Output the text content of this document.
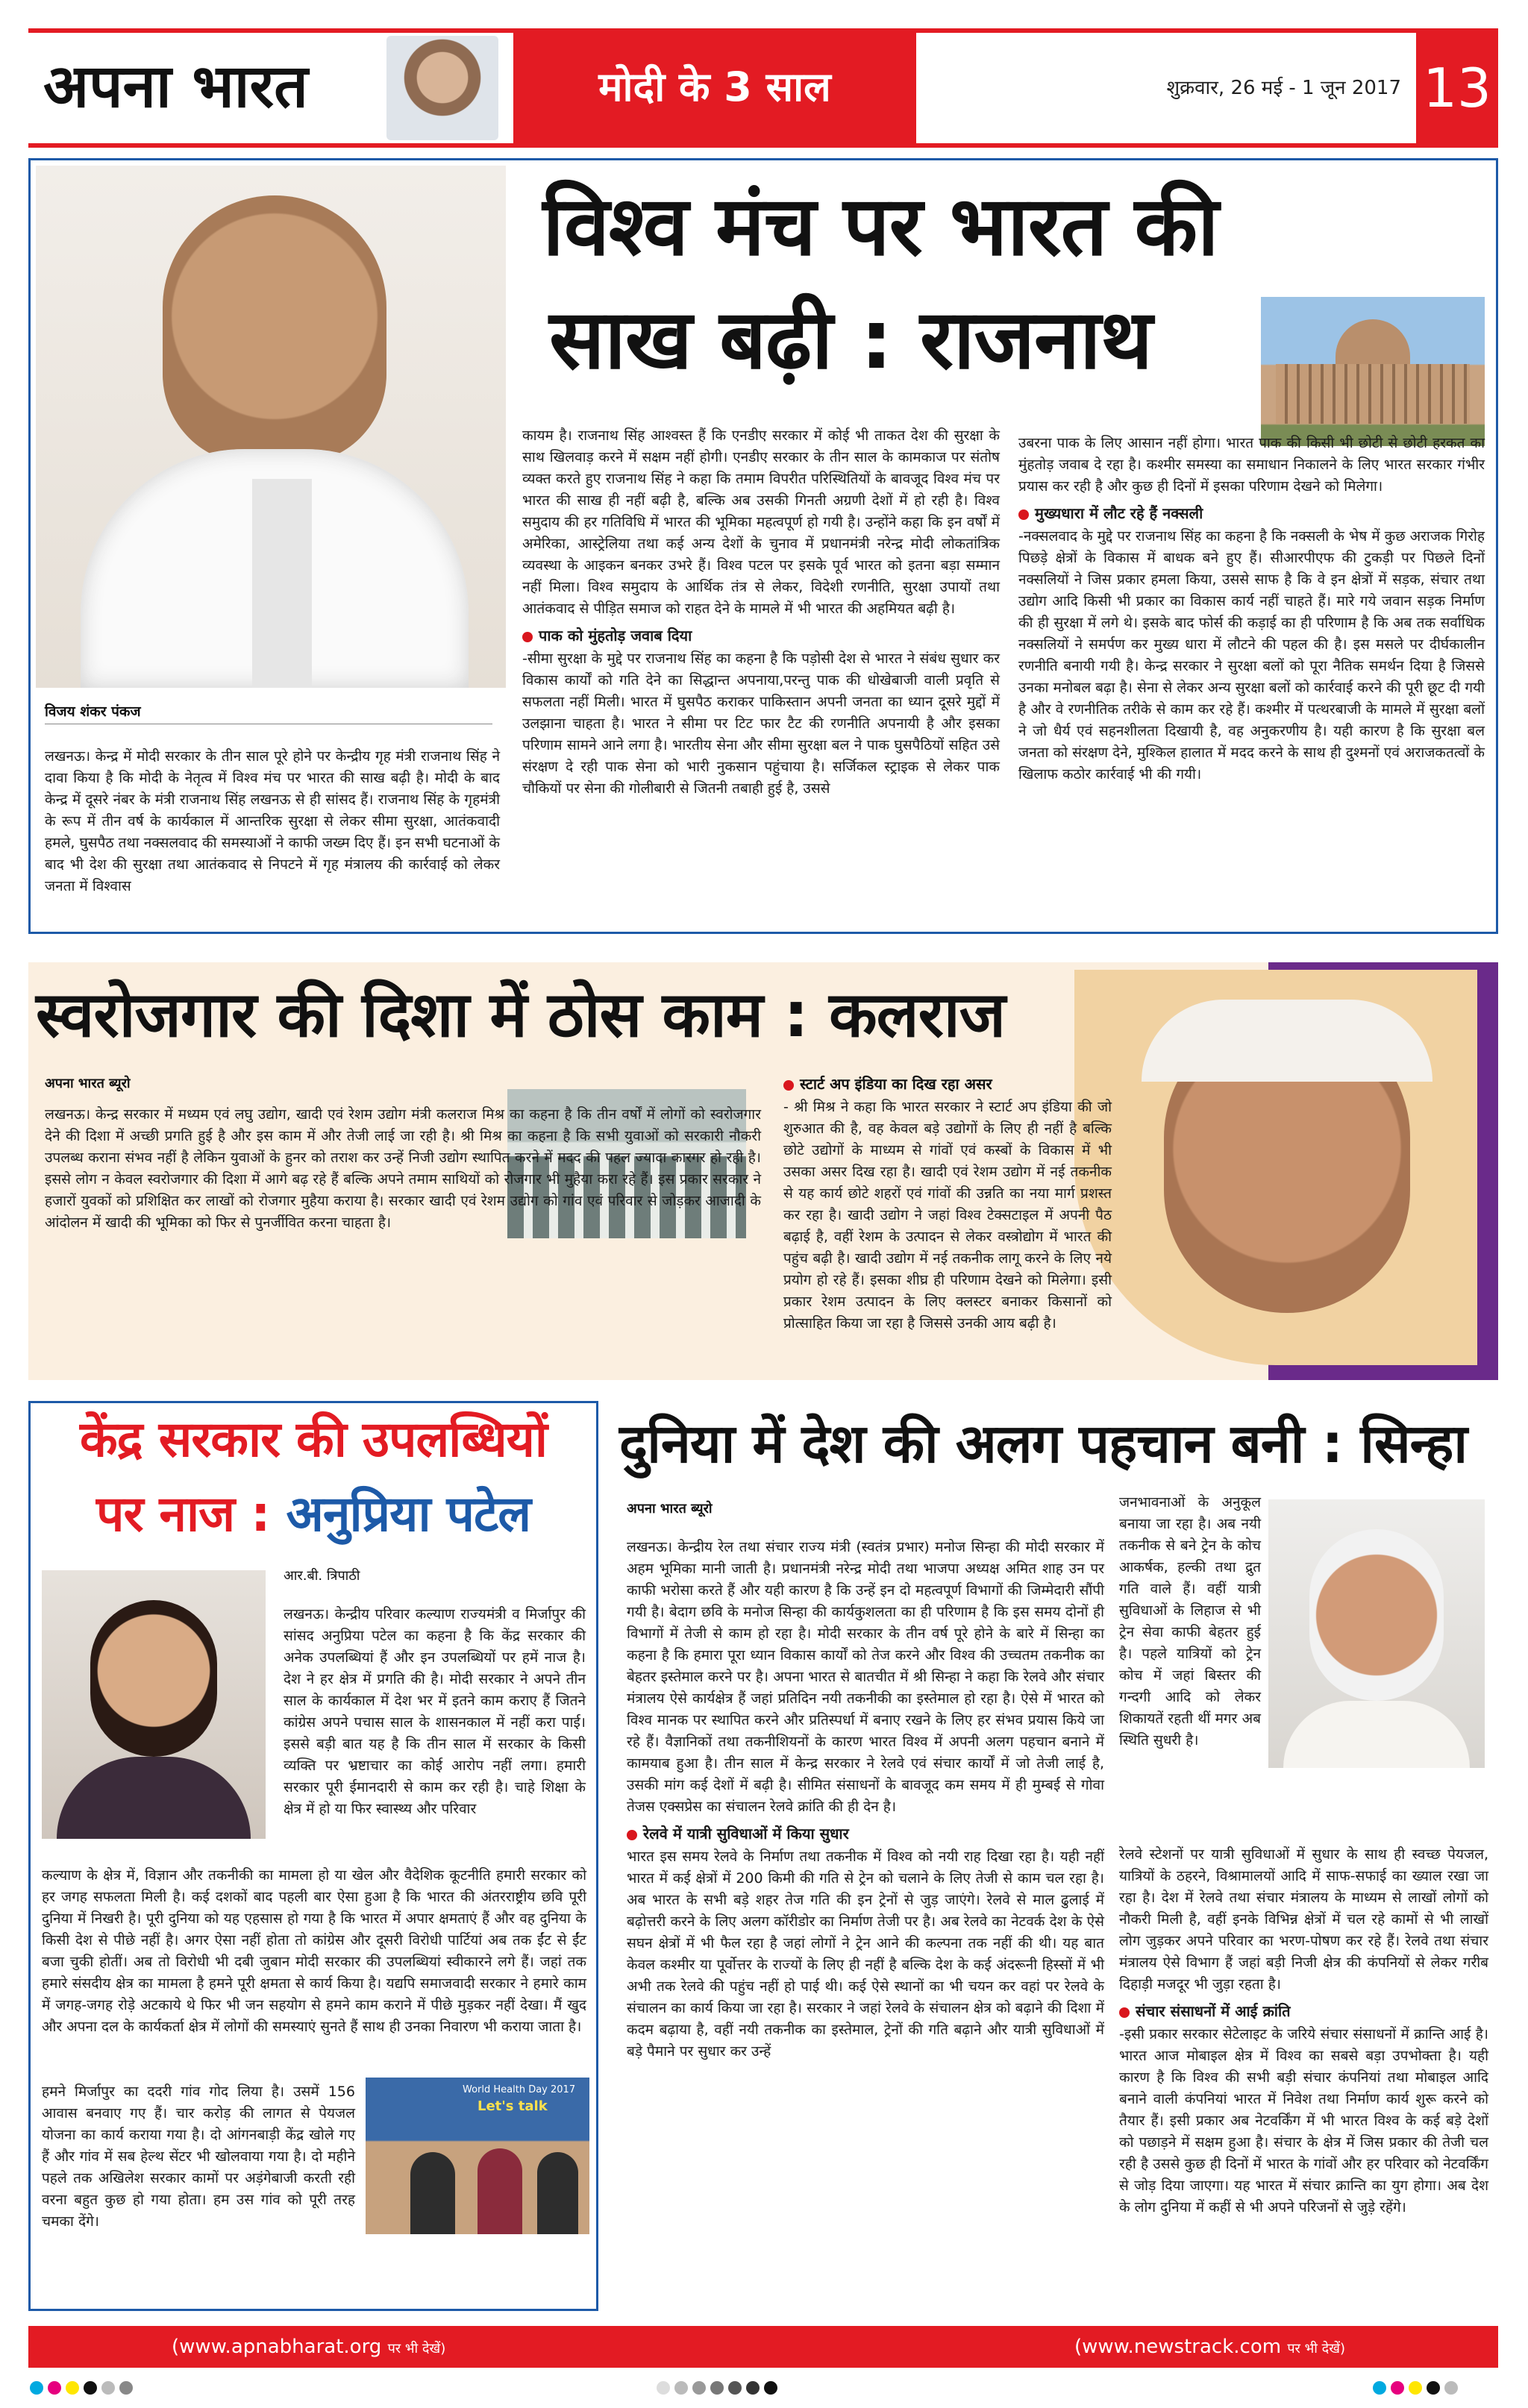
अपना भारत	मोदी के 3 साल	शुक्रवार, 26 मई - 1 जून 2017 13
विश्व मंच पर भारत की
साख बढ़ी : राजनाथ
विजय शंकर पंकज

लखनऊ। केन्द्र में मोदी सरकार के तीन साल पूरे होने पर केन्द्रीय गृह मंत्री राजनाथ सिंह ने दावा किया है कि मोदी के नेतृत्व में विश्व मंच पर भारत की साख बढ़ी है। मोदी के बाद केन्द्र में दूसरे नंबर के मंत्री राजनाथ सिंह लखनऊ से ही सांसद हैं। राजनाथ सिंह के गृहमंत्री के रूप में तीन वर्ष के कार्यकाल में आन्तरिक सुरक्षा से लेकर सीमा सुरक्षा, आतंकवादी हमले, घुसपैठ तथा नक्सलवाद की समस्याओं ने काफी जख्म दिए हैं। इन सभी घटनाओं के बाद भी देश की सुरक्षा तथा आतंकवाद से निपटने में गृह मंत्रालय की कार्रवाई को लेकर जनता में विश्वास

कायम है। राजनाथ सिंह आश्वस्त हैं कि एनडीए सरकार में कोई भी ताकत देश की सुरक्षा के साथ खिलवाड़ करने में सक्षम नहीं होगी। एनडीए सरकार के तीन साल के कामकाज पर संतोष व्यक्त करते हुए राजनाथ सिंह ने कहा कि तमाम विपरीत परिस्थितियों के बावजूद विश्व मंच पर भारत की साख ही नहीं बढ़ी है, बल्कि अब उसकी गिनती अग्रणी देशों में हो रही है। विश्व समुदाय की हर गतिविधि में भारत की भूमिका महत्वपूर्ण हो गयी है। उन्होंने कहा कि इन वर्षों में अमेरिका, आस्ट्रेलिया तथा कई अन्य देशों के चुनाव में प्रधानमंत्री नरेन्द्र मोदी लोकतांत्रिक व्यवस्था के आइकन बनकर उभरे हैं। विश्व पटल पर इसके पूर्व भारत को इतना बड़ा सम्मान नहीं मिला। विश्व समुदाय के आर्थिक तंत्र से लेकर, विदेशी रणनीति, सुरक्षा उपायों तथा आतंकवाद से पीड़ित समाज को राहत देने के मामले में भी भारत की अहमियत बढ़ी है।

पाक को मुंहतोड़ जवाब दिया

-सीमा सुरक्षा के मुद्दे पर राजनाथ सिंह का कहना है कि पड़ोसी देश से भारत ने संबंध सुधार कर विकास कार्यों को गति देने का सिद्धान्त अपनाया,परन्तु पाक की धोखेबाजी वाली प्रवृति से सफलता नहीं मिली। भारत में घुसपैठ कराकर पाकिस्तान अपनी जनता का ध्यान दूसरे मुद्दों में उलझाना चाहता है। भारत ने सीमा पर टिट फार टैट की रणनीति अपनायी है और इसका परिणाम सामने आने लगा है। भारतीय सेना और सीमा सुरक्षा बल ने पाक घुसपैठियों सहित उसे संरक्षण दे रही पाक सेना को भारी नुकसान पहुंचाया है। सर्जिकल स्ट्राइक से लेकर पाक चौकियों पर सेना की गोलीबारी से जितनी तबाही हुई है, उससे

उबरना पाक के लिए आसान नहीं होगा। भारत पाक की किसी भी छोटी से छोटी हरकत का मुंहतोड़ जवाब दे रहा है। कश्मीर समस्या का समाधान निकालने के लिए भारत सरकार गंभीर प्रयास कर रही है और कुछ ही दिनों में इसका परिणाम देखने को मिलेगा।

मुख्यधारा में लौट रहे हैं नक्सली

-नक्सलवाद के मुद्दे पर राजनाथ सिंह का कहना है कि नक्सली के भेष में कुछ अराजक गिरोह पिछड़े क्षेत्रों के विकास में बाधक बने हुए हैं। सीआरपीएफ की टुकड़ी पर पिछले दिनों नक्सलियों ने जिस प्रकार हमला किया, उससे साफ है कि वे इन क्षेत्रों में सड़क, संचार तथा उद्योग आदि किसी भी प्रकार का विकास कार्य नहीं चाहते हैं। मारे गये जवान सड़क निर्माण की ही सुरक्षा में लगे थे। इसके बाद फोर्स की कड़ाई का ही परिणाम है कि अब तक सर्वाधिक नक्सलियों ने समर्पण कर मुख्य धारा में लौटने की पहल की है। इस मसले पर दीर्घकालीन रणनीति बनायी गयी है। केन्द्र सरकार ने सुरक्षा बलों को पूरा नैतिक समर्थन दिया है जिससे उनका मनोबल बढ़ा है। सेना से लेकर अन्य सुरक्षा बलों को कार्रवाई करने की पूरी छूट दी गयी है और वे रणनीतिक तरीके से काम कर रहे हैं। कश्मीर में पत्थरबाजी के मामले में सुरक्षा बलों ने जो धैर्य एवं सहनशीलता दिखायी है, वह अनुकरणीय है। यही कारण है कि सुरक्षा बल जनता को संरक्षण देने, मुश्किल हालात में मदद करने के साथ ही दुश्मनों एवं अराजकतत्वों के खिलाफ कठोर कार्रवाई भी की गयी।

स्वरोजगार की दिशा में ठोस काम : कलराज
अपना भारत ब्यूरो

लखनऊ। केन्द्र सरकार में मध्यम एवं लघु उद्योग, खादी एवं रेशम उद्योग मंत्री कलराज मिश्र का कहना है कि तीन वर्षों में लोगों को स्वरोजगार देने की दिशा में अच्छी प्रगति हुई है और इस काम में और तेजी लाई जा रही है। श्री मिश्र का कहना है कि सभी युवाओं को सरकारी नौकरी उपलब्ध कराना संभव नहीं है लेकिन युवाओं के हुनर को तराश कर उन्हें निजी उद्योग स्थापित करने में मदद की पहल ज्यादा कारगर हो रही है। इससे लोग न केवल स्वरोजगार की दिशा में आगे बढ़ रहे हैं बल्कि अपने तमाम साथियों को रोजगार भी मुहैया करा रहे हैं। इस प्रकार सरकार ने हजारों युवकों को प्रशिक्षित कर लाखों को रोजगार मुहैया कराया है। सरकार खादी एवं रेशम उद्योग को गांव एवं परिवार से जोड़कर आजादी के आंदोलन में खादी की भूमिका को फिर से पुनर्जीवित करना चाहता है।

स्टार्ट अप इंडिया का दिख रहा असर

- श्री मिश्र ने कहा कि भारत सरकार ने स्टार्ट अप इंडिया की जो शुरुआत की है, वह केवल बड़े उद्योगों के लिए ही नहीं है बल्कि छोटे उद्योगों के माध्यम से गांवों एवं कस्बों के विकास में भी उसका असर दिख रहा है। खादी एवं रेशम उद्योग में नई तकनीक से यह कार्य छोटे शहरों एवं गांवों की उन्नति का नया मार्ग प्रशस्त कर रहा है। खादी उद्योग ने जहां विश्व टेक्सटाइल में अपनी पैठ बढ़ाई है, वहीं रेशम के उत्पादन से लेकर वस्त्रोद्योग में भारत की पहुंच बढ़ी है। खादी उद्योग में नई तकनीक लागू करने के लिए नये प्रयोग हो रहे हैं। इसका शीघ्र ही परिणाम देखने को मिलेगा। इसी प्रकार रेशम उत्पादन के लिए क्लस्टर बनाकर किसानों को प्रोत्साहित किया जा रहा है जिससे उनकी आय बढ़ी है।

केंद्र सरकार की उपलब्धियों
पर नाज : अनुप्रिया पटेल
आर.बी. त्रिपाठी

लखनऊ। केन्द्रीय परिवार कल्याण राज्यमंत्री व मिर्जापुर की सांसद अनुप्रिया पटेल का कहना है कि केंद्र सरकार की अनेक उपलब्धियां हैं और इन उपलब्धियों पर हमें नाज है। देश ने हर क्षेत्र में प्रगति की है। मोदी सरकार ने अपने तीन साल के कार्यकाल में देश भर में इतने काम कराए हैं जितने कांग्रेस अपने पचास साल के शासनकाल में नहीं करा पाई। इससे बड़ी बात यह है कि तीन साल में सरकार के किसी व्यक्ति पर भ्रष्टाचार का कोई आरोप नहीं लगा। हमारी सरकार पूरी ईमानदारी से काम कर रही है। चाहे शिक्षा के क्षेत्र में हो या फिर स्वास्थ्य और परिवार

कल्याण के क्षेत्र में, विज्ञान और तकनीकी का मामला हो या खेल और वैदेशिक कूटनीति हमारी सरकार को हर जगह सफलता मिली है। कई दशकों बाद पहली बार ऐसा हुआ है कि भारत की अंतरराष्ट्रीय छवि पूरी दुनिया में निखरी है। पूरी दुनिया को यह एहसास हो गया है कि भारत में अपार क्षमताएं हैं और वह दुनिया के किसी देश से पीछे नहीं है। अगर ऐसा नहीं होता तो कांग्रेस और दूसरी विरोधी पार्टियां अब तक ईंट से ईंट बजा चुकी होतीं। अब तो विरोधी भी दबी जुबान मोदी सरकार की उपलब्धियां स्वीकारने लगे हैं। जहां तक हमारे संसदीय क्षेत्र का मामला है हमने पूरी क्षमता से कार्य किया है। यद्यपि समाजवादी सरकार ने हमारे काम में जगह-जगह रोड़े अटकाये थे फिर भी जन सहयोग से हमने काम कराने में पीछे मुड़कर नहीं देखा। मैं खुद और अपना दल के कार्यकर्ता क्षेत्र में लोगों की समस्याएं सुनते हैं साथ ही उनका निवारण भी कराया जाता है।

हमने मिर्जापुर का ददरी गांव गोद लिया है। उसमें 156 आवास बनवाए गए हैं। चार करोड़ की लागत से पेयजल योजना का कार्य कराया गया है। दो आंगनबाड़ी केंद्र खोले गए हैं और गांव में सब हेल्थ सेंटर भी खोलवाया गया है। दो महीने पहले तक अखिलेश सरकार कामों पर अड़ंगेबाजी करती रही वरना बहुत कुछ हो गया होता। हम उस गांव को पूरी तरह चमका देंगे।

World Health Day 2017
Let's talk
दुनिया में देश की अलग पहचान बनी : सिन्हा
अपना भारत ब्यूरो

लखनऊ। केन्द्रीय रेल तथा संचार राज्य मंत्री (स्वतंत्र प्रभार) मनोज सिन्हा की मोदी सरकार में अहम भूमिका मानी जाती है। प्रधानमंत्री नरेन्द्र मोदी तथा भाजपा अध्यक्ष अमित शाह उन पर काफी भरोसा करते हैं और यही कारण है कि उन्हें इन दो महत्वपूर्ण विभागों की जिम्मेदारी सौंपी गयी है। बेदाग छवि के मनोज सिन्हा की कार्यकुशलता का ही परिणाम है कि इस समय दोनों ही विभागों में तेजी से काम हो रहा है। मोदी सरकार के तीन वर्ष पूरे होने के बारे में सिन्हा का कहना है कि हमारा पूरा ध्यान विकास कार्यों को तेज करने और विश्व की उच्चतम तकनीक का बेहतर इस्तेमाल करने पर है। अपना भारत से बातचीत में श्री सिन्हा ने कहा कि रेलवे और संचार मंत्रालय ऐसे कार्यक्षेत्र हैं जहां प्रतिदिन नयी तकनीकी का इस्तेमाल हो रहा है। ऐसे में भारत को विश्व मानक पर स्थापित करने और प्रतिस्पर्धा में बनाए रखने के लिए हर संभव प्रयास किये जा रहे हैं। वैज्ञानिकों तथा तकनीशियनों के कारण भारत विश्व में अपनी अलग पहचान बनाने में कामयाब हुआ है। तीन साल में केन्द्र सरकार ने रेलवे एवं संचार कार्यों में जो तेजी लाई है, उसकी मांग कई देशों में बढ़ी है। सीमित संसाधनों के बावजूद कम समय में ही मुम्बई से गोवा तेजस एक्सप्रेस का संचालन रेलवे क्रांति की ही देन है।

रेलवे में यात्री सुविधाओं में किया सुधार

भारत इस समय रेलवे के निर्माण तथा तकनीक में विश्व को नयी राह दिखा रहा है। यही नहीं भारत में कई क्षेत्रों में 200 किमी की गति से ट्रेन को चलाने के लिए तेजी से काम चल रहा है। अब भारत के सभी बड़े शहर तेज गति की इन ट्रेनों से जुड़ जाएंगे। रेलवे से माल ढुलाई में बढ़ोत्तरी करने के लिए अलग कॉरीडोर का निर्माण तेजी पर है। अब रेलवे का नेटवर्क देश के ऐसे सघन क्षेत्रों में भी फैल रहा है जहां लोगों ने ट्रेन आने की कल्पना तक नहीं की थी। यह बात केवल कश्मीर या पूर्वोत्तर के राज्यों के लिए ही नहीं है बल्कि देश के कई अंदरूनी हिस्सों में भी अभी तक रेलवे की पहुंच नहीं हो पाई थी। कई ऐसे स्थानों का भी चयन कर वहां पर रेलवे के संचालन का कार्य किया जा रहा है। सरकार ने जहां रेलवे के संचालन क्षेत्र को बढ़ाने की दिशा में कदम बढ़ाया है, वहीं नयी तकनीक का इस्तेमाल, ट्रेनों की गति बढ़ाने और यात्री सुविधाओं में बड़े पैमाने पर सुधार कर उन्हें

जनभावनाओं के अनुकूल बनाया जा रहा है। अब नयी तकनीक से बने ट्रेन के कोच आकर्षक, हल्की तथा द्रुत गति वाले हैं। वहीं यात्री सुविधाओं के लिहाज से भी ट्रेन सेवा काफी बेहतर हुई है। पहले यात्रियों को ट्रेन कोच में जहां बिस्तर की गन्दगी आदि को लेकर शिकायतें रहती थीं मगर अब स्थिति सुधरी है।

रेलवे स्टेशनों पर यात्री सुविधाओं में सुधार के साथ ही स्वच्छ पेयजल, यात्रियों के ठहरने, विश्रामालयों आदि में साफ-सफाई का ख्याल रखा जा रहा है। देश में रेलवे तथा संचार मंत्रालय के माध्यम से लाखों लोगों को नौकरी मिली है, वहीं इनके विभिन्न क्षेत्रों में चल रहे कामों से भी लाखों लोग जुड़कर अपने परिवार का भरण-पोषण कर रहे हैं। रेलवे तथा संचार मंत्रालय ऐसे विभाग हैं जहां बड़ी निजी क्षेत्र की कंपनियों से लेकर गरीब दिहाड़ी मजदूर भी जुड़ा रहता है।

संचार संसाधनों में आई क्रांति

-इसी प्रकार सरकार सेटेलाइट के जरिये संचार संसाधनों में क्रान्ति आई है। भारत आज मोबाइल क्षेत्र में विश्व का सबसे बड़ा उपभोक्ता है। यही कारण है कि विश्व की सभी बड़ी संचार कंपनियां तथा मोबाइल आदि बनाने वाली कंपनियां भारत में निवेश तथा निर्माण कार्य शुरू करने को तैयार हैं। इसी प्रकार अब नेटवर्किंग में भी भारत विश्व के कई बड़े देशों को पछाड़ने में सक्षम हुआ है। संचार के क्षेत्र में जिस प्रकार की तेजी चल रही है उससे कुछ ही दिनों में भारत के गांवों और हर परिवार को नेटवर्किंग से जोड़ दिया जाएगा। यह भारत में संचार क्रान्ति का युग होगा। अब देश के लोग दुनिया में कहीं से भी अपने परिजनों से जुड़े रहेंगे।

(www.apnabharat.org पर भी देखें)	(www.newstrack.com पर भी देखें)
